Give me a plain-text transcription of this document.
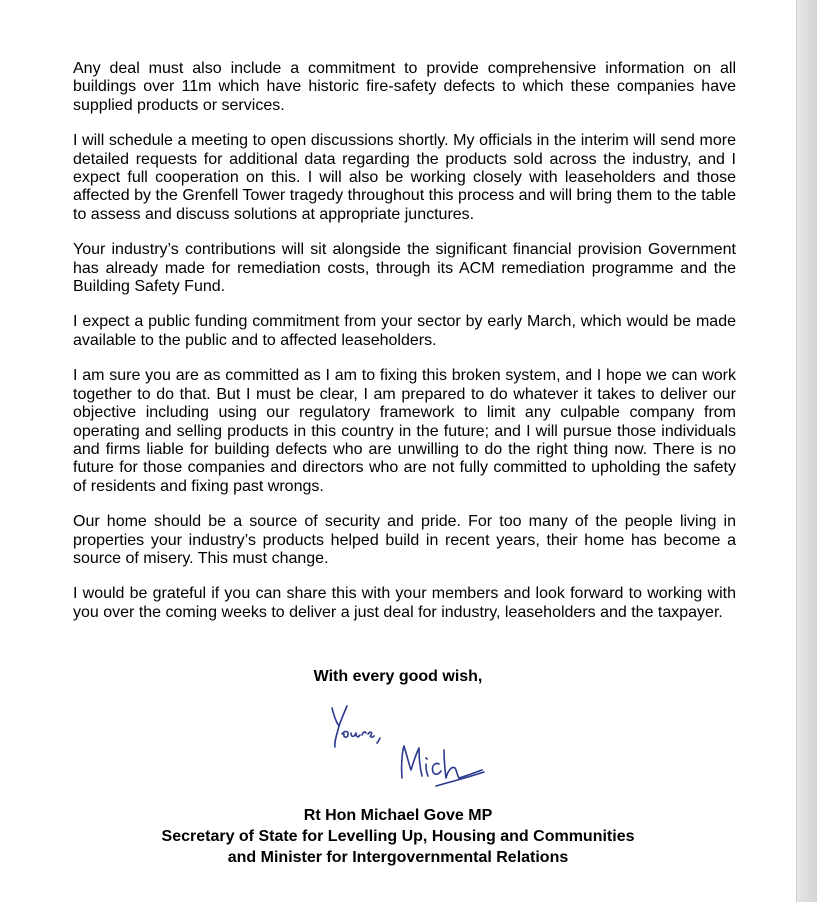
Any deal must also include a commitment to provide comprehensive information on all buildings over 11m which have historic fire-safety defects to which these companies have supplied products or services.

I will schedule a meeting to open discussions shortly. My officials in the interim will send more detailed requests for additional data regarding the products sold across the industry, and I expect full cooperation on this. I will also be working closely with leaseholders and those affected by the Grenfell Tower tragedy throughout this process and will bring them to the table to assess and discuss solutions at appropriate junctures.

Your industry’s contributions will sit alongside the significant financial provision Government has already made for remediation costs, through its ACM remediation programme and the Building Safety Fund.

I expect a public funding commitment from your sector by early March, which would be made available to the public and to affected leaseholders.

I am sure you are as committed as I am to fixing this broken system, and I hope we can work together to do that. But I must be clear, I am prepared to do whatever it takes to deliver our objective including using our regulatory framework to limit any culpable company from operating and selling products in this country in the future; and I will pursue those individuals and firms liable for building defects who are unwilling to do the right thing now. There is no future for those companies and directors who are not fully committed to upholding the safety of residents and fixing past wrongs.

Our home should be a source of security and pride. For too many of the people living in properties your industry’s products helped build in recent years, their home has become a source of misery. This must change.

I would be grateful if you can share this with your members and look forward to working with you over the coming weeks to deliver a just deal for industry, leaseholders and the taxpayer.

With every good wish,
Rt Hon Michael Gove MP
Secretary of State for Levelling Up, Housing and Communities
and Minister for Intergovernmental Relations
